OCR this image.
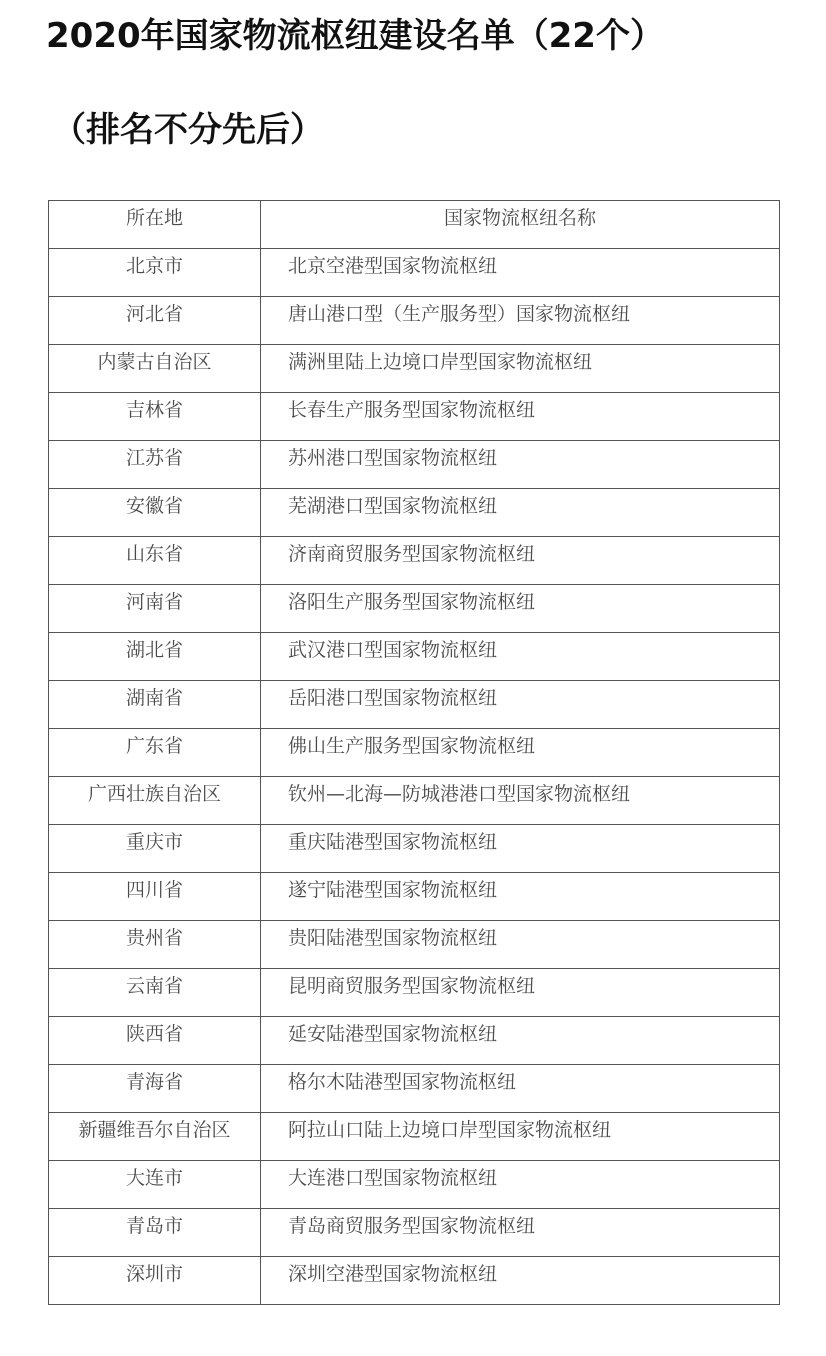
2020年国家物流枢纽建设名单（22个）
（排名不分先后）
所在地	国家物流枢纽名称
北京市	北京空港型国家物流枢纽
河北省	唐山港口型（生产服务型）国家物流枢纽
内蒙古自治区	满洲里陆上边境口岸型国家物流枢纽
吉林省	长春生产服务型国家物流枢纽
江苏省	苏州港口型国家物流枢纽
安徽省	芜湖港口型国家物流枢纽
山东省	济南商贸服务型国家物流枢纽
河南省	洛阳生产服务型国家物流枢纽
湖北省	武汉港口型国家物流枢纽
湖南省	岳阳港口型国家物流枢纽
广东省	佛山生产服务型国家物流枢纽
广西壮族自治区	钦州—北海—防城港港口型国家物流枢纽
重庆市	重庆陆港型国家物流枢纽
四川省	遂宁陆港型国家物流枢纽
贵州省	贵阳陆港型国家物流枢纽
云南省	昆明商贸服务型国家物流枢纽
陕西省	延安陆港型国家物流枢纽
青海省	格尔木陆港型国家物流枢纽
新疆维吾尔自治区	阿拉山口陆上边境口岸型国家物流枢纽
大连市	大连港口型国家物流枢纽
青岛市	青岛商贸服务型国家物流枢纽
深圳市	深圳空港型国家物流枢纽
